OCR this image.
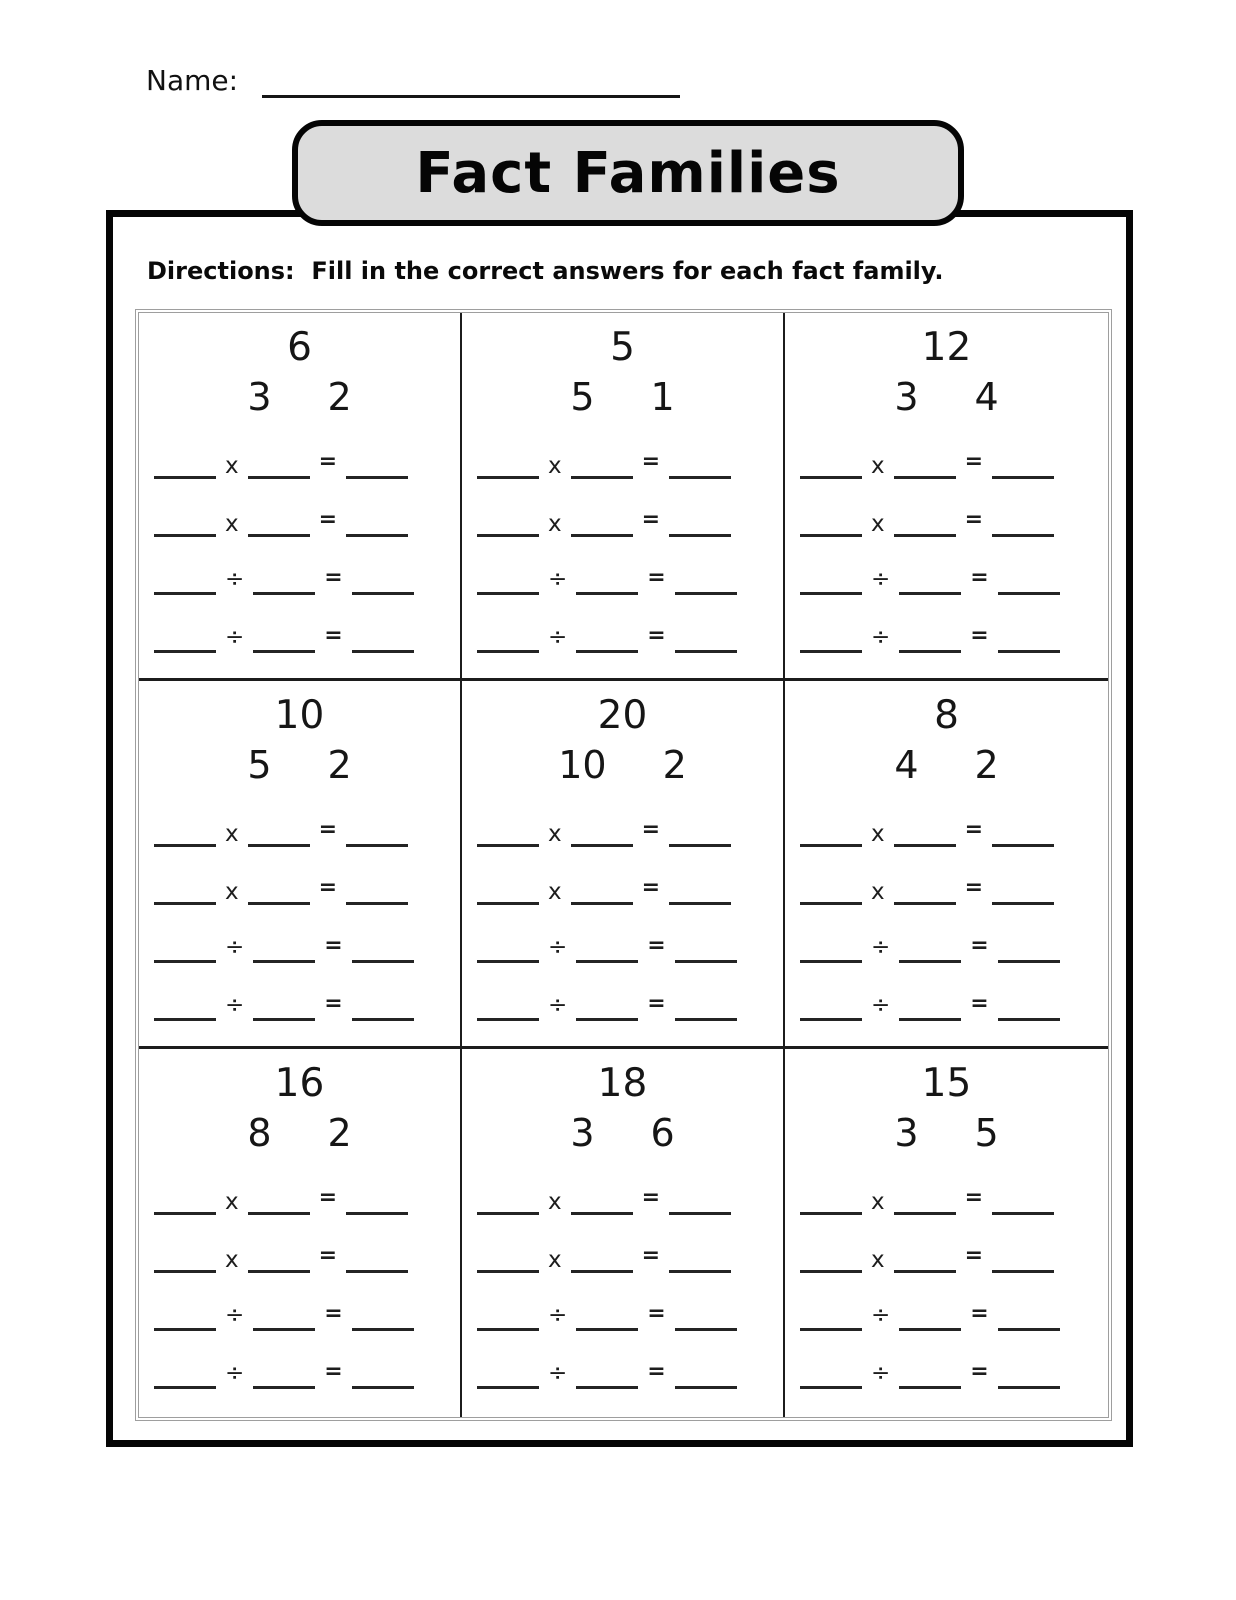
Name:
Fact Families
Directions:  Fill in the correct answers for each fact family.
6
3 2
x	=
x	=
÷	=
÷	=
5
5 1
x	=
x	=
÷	=
÷	=
12
3 4
x	=
x	=
÷	=
÷	=
10
5 2
x	=
x	=
÷	=
÷	=
20
10 2
x	=
x	=
÷	=
÷	=
8
4 2
x	=
x	=
÷	=
÷	=
16
8 2
x	=
x	=
÷	=
÷	=
18
3 6
x	=
x	=
÷	=
÷	=
15
3 5
x	=
x	=
÷	=
÷	=
